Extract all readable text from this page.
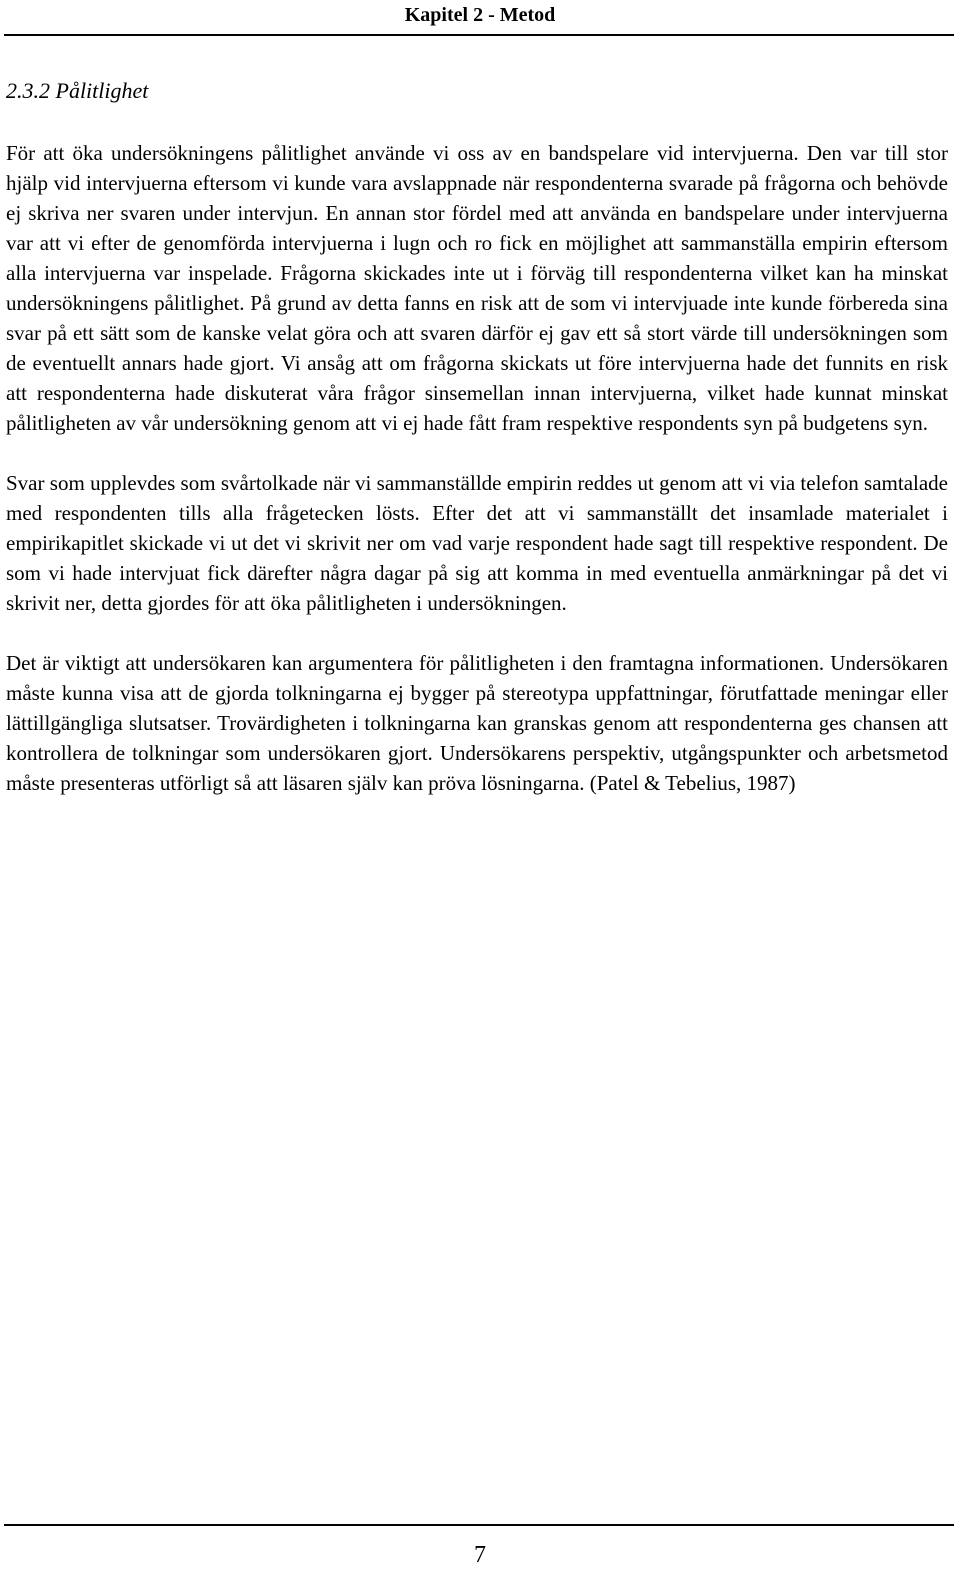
Kapitel 2 - Metod
2.3.2 Pålitlighet

För att öka undersökningens pålitlighet använde vi oss av en bandspelare vid intervjuerna. Den var till stor hjälp vid intervjuerna eftersom vi kunde vara avslappnade när respondenterna svarade på frågorna och behövde ej skriva ner svaren under intervjun. En annan stor fördel med att använda en bandspelare under intervjuerna var att vi efter de genomförda intervjuerna i lugn och ro fick en möjlighet att sammanställa empirin eftersom alla intervjuerna var inspelade. Frågorna skickades inte ut i förväg till respondenterna vilket kan ha minskat undersökningens pålitlighet. På grund av detta fanns en risk att de som vi intervjuade inte kunde förbereda sina svar på ett sätt som de kanske velat göra och att svaren därför ej gav ett så stort värde till undersökningen som de eventuellt annars hade gjort. Vi ansåg att om frågorna skickats ut före intervjuerna hade det funnits en risk att respondenterna hade diskuterat våra frågor sinsemellan innan intervjuerna, vilket hade kunnat minskat pålitligheten av vår undersökning genom att vi ej hade fått fram respektive respondents syn på budgetens syn.

Svar som upplevdes som svårtolkade när vi sammanställde empirin reddes ut genom att vi via telefon samtalade med respondenten tills alla frågetecken lösts. Efter det att vi sammanställt det insamlade materialet i empirikapitlet skickade vi ut det vi skrivit ner om vad varje respondent hade sagt till respektive respondent. De som vi hade intervjuat fick därefter några dagar på sig att komma in med eventuella anmärkningar på det vi skrivit ner, detta gjordes för att öka pålitligheten i undersökningen.

Det är viktigt att undersökaren kan argumentera för pålitligheten i den framtagna informationen. Undersökaren måste kunna visa att de gjorda tolkningarna ej bygger på stereotypa uppfattningar, förutfattade meningar eller lättillgängliga slutsatser. Trovärdigheten i tolkningarna kan granskas genom att respondenterna ges chansen att kontrollera de tolkningar som undersökaren gjort. Undersökarens perspektiv, utgångspunkter och arbetsmetod måste presenteras utförligt så att läsaren själv kan pröva lösningarna. (Patel & Tebelius, 1987)

7
